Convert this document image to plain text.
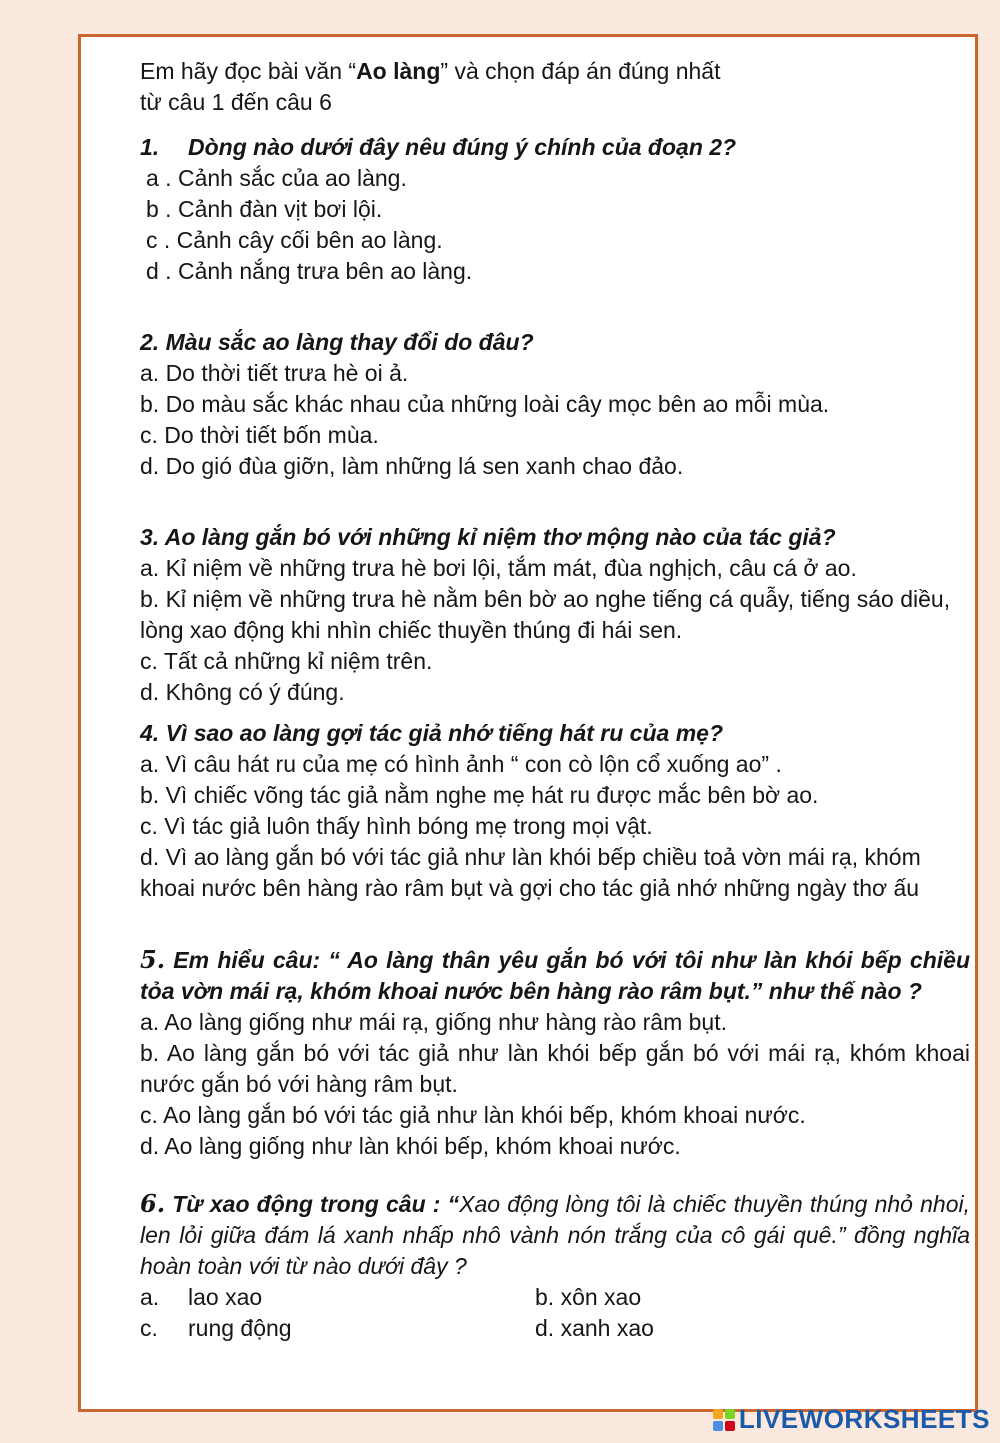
Em hãy đọc bài văn “Ao làng” và chọn đáp án đúng nhất

từ câu 1 đến câu 6

1.	Dòng nào dưới đây nêu đúng ý chính của đoạn 2?

a . Cảnh sắc của ao làng.

b . Cảnh đàn vịt bơi lội.

c . Cảnh cây cối bên ao làng.

d . Cảnh nắng trưa bên ao làng.

2. Màu sắc ao làng thay đổi do đâu?

a. Do thời tiết trưa hè oi ả.

b. Do màu sắc khác nhau của những loài cây mọc bên ao mỗi mùa.

c. Do thời tiết bốn mùa.

d. Do gió đùa giỡn, làm những lá sen xanh chao đảo.

3. Ao làng gắn bó với những kỉ niệm thơ mộng nào của tác giả?

a. Kỉ niệm về những trưa hè bơi lội, tắm mát, đùa nghịch, câu cá ở ao.

b. Kỉ niệm về những trưa hè nằm bên bờ ao nghe tiếng cá quẫy, tiếng sáo diều, lòng xao động khi nhìn chiếc thuyền thúng đi hái sen.

c. Tất cả những kỉ niệm trên.

d. Không có ý đúng.

4. Vì sao ao làng gợi tác giả nhớ tiếng hát ru của mẹ?

a. Vì câu hát ru của mẹ có hình ảnh “ con cò lộn cổ xuống ao” .

b. Vì chiếc võng tác giả nằm nghe mẹ hát ru được mắc bên bờ ao.

c. Vì tác giả luôn thấy hình bóng mẹ trong mọi vật.

d. Vì ao làng gắn bó với tác giả như làn khói bếp chiều toả vờn mái rạ, khóm khoai nước bên hàng rào râm bụt và gợi cho tác giả nhớ những ngày thơ ấu

5. Em hiểu câu: “ Ao làng thân yêu gắn bó với tôi như làn khói bếp chiều tỏa vờn mái rạ, khóm khoai nước bên hàng rào râm bụt.” như thế nào ?

a. Ao làng giống như mái rạ, giống như hàng rào râm bụt.

b. Ao làng gắn bó với tác giả như làn khói bếp gắn bó với mái rạ, khóm khoai nước gắn bó với hàng râm bụt.

c. Ao làng gắn bó với tác giả như làn khói bếp, khóm khoai nước.

d. Ao làng giống như làn khói bếp, khóm khoai nước.

6. Từ xao động trong câu : “Xao động lòng tôi là chiếc thuyền thúng nhỏ nhoi, len lỏi giữa đám lá xanh nhấp nhô vành nón trắng của cô gái quê.” đồng nghĩa hoàn toàn với từ nào dưới đây ?

a. lao xao	b. xôn xao
c. rung động	d. xanh xao
LIVEWORKSHEETS
